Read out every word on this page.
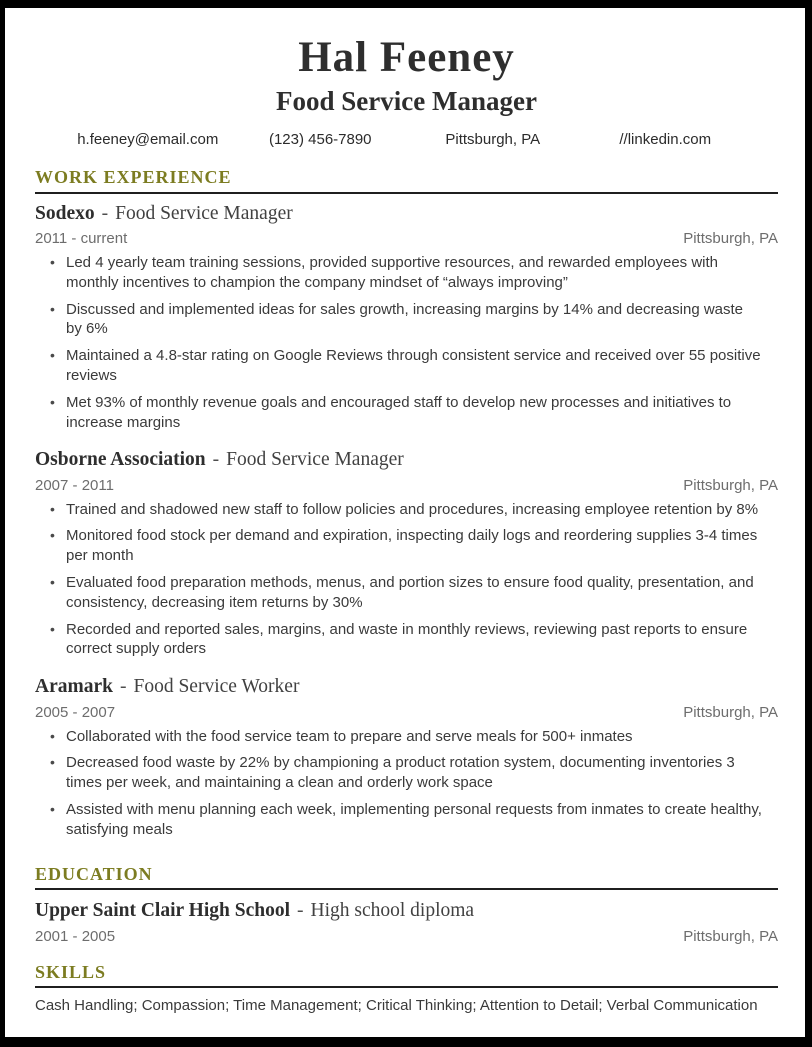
Hal Feeney
Food Service Manager
h.feeney@email.com	(123) 456-7890	Pittsburgh, PA	//linkedin.com
WORK EXPERIENCE
Sodexo - Food Service Manager
2011 - current	Pittsburgh, PA
• Led 4 yearly team training sessions, provided supportive resources, and rewarded employees with monthly incentives to champion the company mindset of “always improving”
• Discussed and implemented ideas for sales growth, increasing margins by 14% and decreasing waste by 6%
• Maintained a 4.8-star rating on Google Reviews through consistent service and received over 55 positive reviews
• Met 93% of monthly revenue goals and encouraged staff to develop new processes and initiatives to increase margins
Osborne Association - Food Service Manager
2007 - 2011	Pittsburgh, PA
• Trained and shadowed new staff to follow policies and procedures, increasing employee retention by 8%
• Monitored food stock per demand and expiration, inspecting daily logs and reordering supplies 3-4 times per month
• Evaluated food preparation methods, menus, and portion sizes to ensure food quality, presentation, and consistency, decreasing item returns by 30%
• Recorded and reported sales, margins, and waste in monthly reviews, reviewing past reports to ensure correct supply orders
Aramark - Food Service Worker
2005 - 2007	Pittsburgh, PA
• Collaborated with the food service team to prepare and serve meals for 500+ inmates
• Decreased food waste by 22% by championing a product rotation system, documenting inventories 3 times per week, and maintaining a clean and orderly work space
• Assisted with menu planning each week, implementing personal requests from inmates to create healthy, satisfying meals
EDUCATION
Upper Saint Clair High School - High school diploma
2001 - 2005	Pittsburgh, PA
SKILLS

Cash Handling; Compassion; Time Management; Critical Thinking; Attention to Detail; Verbal Communication
